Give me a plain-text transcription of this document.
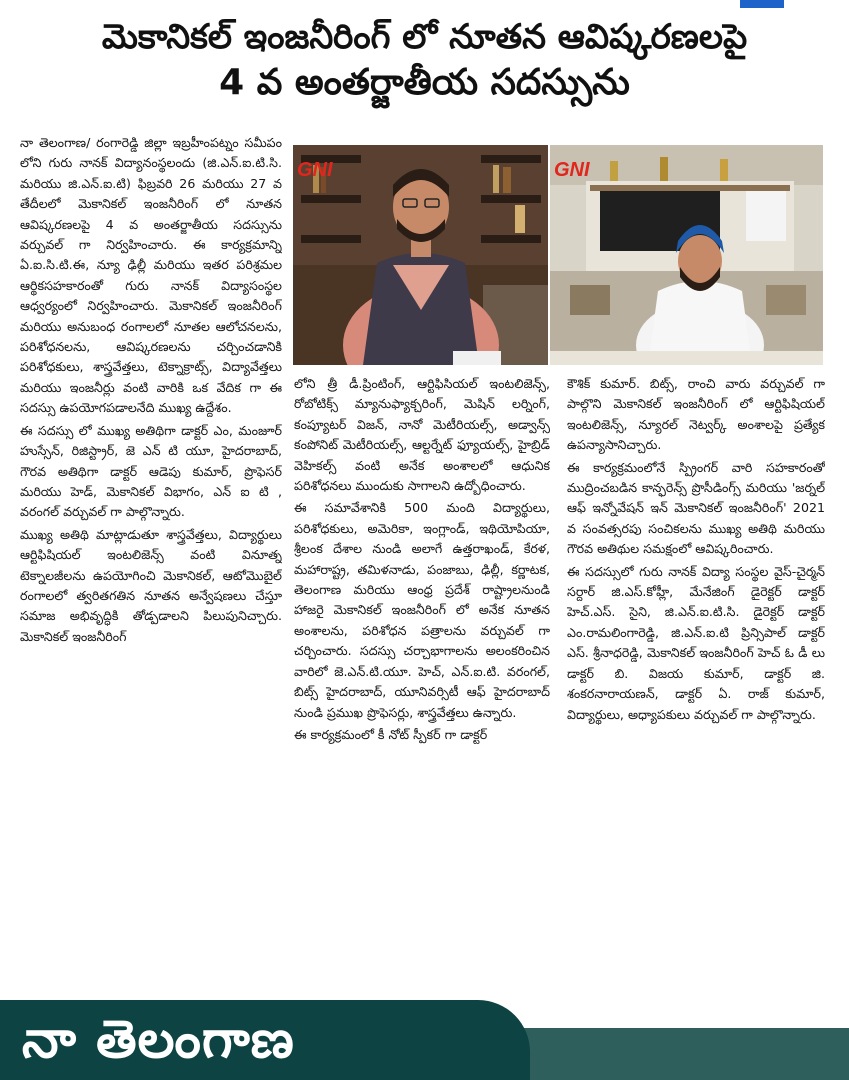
మెకానికల్ ఇంజనీరింగ్ లో నూతన ఆవిష్కరణలపై
4 వ అంతర్జాతీయ సదస్సును

నా తెలంగాణ/ రంగారెడ్డి జిల్లా ఇబ్రహీంపట్నం సమీపం లోని గురు నానక్ విద్యానంస్థలందు (జి.ఎన్.ఐ.టి.సి. మరియు జి.ఎన్.ఐ.టి) ఫిబ్రవరి 26 మరియు 27 వ తేదీలలో మెకానికల్ ఇంజనీరింగ్ లో నూతన ఆవిష్కరణలపై 4 వ అంతర్జాతీయ సదస్సును వర్చువల్ గా నిర్వహించారు. ఈ కార్యక్రమాన్ని ఏ.ఐ.సి.టి.ఈ, న్యూ ఢిల్లీ మరియు ఇతర పరిశ్రమల ఆర్థికసహకారంతో గురు నానక్ విద్యాసంస్థల ఆధ్వర్యంలో నిర్వహించారు. మెకానికల్ ఇంజనీరింగ్ మరియు అనుబంధ రంగాలలో నూతల ఆలోచనలను, పరిశోధనలను, ఆవిష్కరణలను చర్చించడానికి పరిశోధకులు, శాస్త్రవేత్తలు, టెక్నాక్రాట్స్, విద్యావేత్తలు మరియు ఇంజనీర్లు వంటి వారికి ఒక వేదిక గా ఈ సదస్సు ఉపయోగపడాలనేది ముఖ్య ఉద్దేశం.

ఈ సదస్సు లో ముఖ్య అతిథిగా డాక్టర్ ఎం, మంజూర్ హుస్సేన్, రిజిస్ట్రార్, జె ఎన్ టి యూ, హైదరాబాద్, గౌరవ అతిథిగా డాక్టర్ ఆడెపు కుమార్, ప్రొఫెసర్ మరియు హెడ్, మెకానికల్ విభాగం, ఎన్ ఐ టి , వరంగల్ వర్చువల్ గా పాల్గొన్నారు.

ముఖ్య అతిథి మాట్లాడుతూ శాస్త్రవేత్తలు, విద్యార్థులు ఆర్టిఫిషియల్ ఇంటలిజెన్స్ వంటి వినూత్న టెక్నాలజీలను ఉపయోగించి మెకానికల్, ఆటోమొబైల్ రంగాలలో త్వరితగతిన నూతన అన్వేషణలు చేస్తూ సమాజ అభివృద్ధికి తోడ్పడాలని పిలుపునిచ్చారు. మెకానికల్ ఇంజనీరింగ్

GNI	GNI

లోని త్రీ డీ.ప్రింటింగ్, ఆర్టిఫిసియల్ ఇంటలిజెన్స్, రోబోటిక్స్ మ్యానుఫ్యాక్చరింగ్, మెషిన్ లర్నింగ్, కంప్యూటర్ విజన్, నానో మెటీరియల్స్, అడ్వాన్స్ కంపోనిట్ మెటీరియల్స్, ఆల్టర్నేట్ ఫ్యూయల్స్, హైబ్రిడ్ వెహికల్స్ వంటి అనేక అంశాలలో ఆధునిక పరిశోధనలు ముందుకు సాగాలని ఉద్బోధించారు.

ఈ సమావేశానికి 500 మంది విద్యార్థులు, పరిశోధకులు, అమెరికా, ఇంగ్లాండ్, ఇథియోపియా, శ్రీలంక దేశాల నుండి అలాగే ఉత్తరాఖండ్, కేరళ, మహారాష్ట్ర, తమిళనాడు, పంజాబు, ఢిల్లీ, కర్ణాటక, తెలంగాణ మరియు ఆంధ్ర ప్రదేశ్ రాష్ట్రాలనుండి హాజరై మెకానికల్ ఇంజనీరింగ్ లో అనేక నూతన అంశాలను, పరిశోధన పత్రాలను వర్చువల్ గా చర్చించారు. సదస్సు చర్చాభాగాలను అలంకరించిన వారిలో జె.ఎన్.టి.యూ. హెచ్, ఎన్.ఐ.టి. వరంగల్, బిట్స్ హైదరాబాద్, యూనివర్సిటీ ఆఫ్ హైదరాబాద్ నుండి ప్రముఖ ప్రొఫెసర్లు, శాస్త్రవేత్తలు ఉన్నారు.

ఈ కార్యక్రమంలో కీ నోట్ స్పీకర్ గా డాక్టర్

కౌశిక్ కుమార్. బిట్స్, రాంచి వారు వర్చువల్ గా పాల్గొని మెకానికల్ ఇంజనీరింగ్ లో ఆర్టిఫిషియల్ ఇంటలిజెన్స్, న్యూరల్ నెట్వర్క్ అంశాలపై ప్రత్యేక ఉపన్యాసానిచ్చారు.

ఈ కార్యక్రమంలోనే స్ప్రింగర్ వారి సహకారంతో ముద్రించబడిన కాన్ఫరెన్స్ ప్రొసీడింగ్స్ మరియు 'జర్నల్ ఆఫ్ ఇన్నోవేషన్ ఇన్ మెకానికల్ ఇంజనీరింగ్' 2021 వ సంవత్సరపు సంచికలను ముఖ్య అతిథి మరియు గౌరవ అతిథుల సమక్షంలో ఆవిష్కరించారు.

ఈ సదస్సులో గురు నానక్ విద్యా సంస్థల వైస్-చైర్మన్ సర్దార్ జి.ఎస్.కోహ్లీ, మేనేజింగ్ డైరెక్టర్ డాక్టర్ హెచ్.ఎస్. సైని, జి.ఎన్.ఐ.టి.సి. డైరెక్టర్ డాక్టర్ ఎం.రామలింగారెడ్డి, జి.ఎన్.ఐ.టి ప్రిన్సిపాల్ డాక్టర్ ఎస్. శ్రీనాధరెడ్డి, మెకానికల్ ఇంజనీరింగ్ హెచ్ ఓ డీ లు డాక్టర్ బి. విజయ కుమార్, డాక్టర్ జి. శంకరనారాయణన్, డాక్టర్ ఏ. రాజ్ కుమార్, విద్యార్థులు, అధ్యాపకులు వర్చువల్ గా పాల్గొన్నారు.

నా తెలంగాణ
